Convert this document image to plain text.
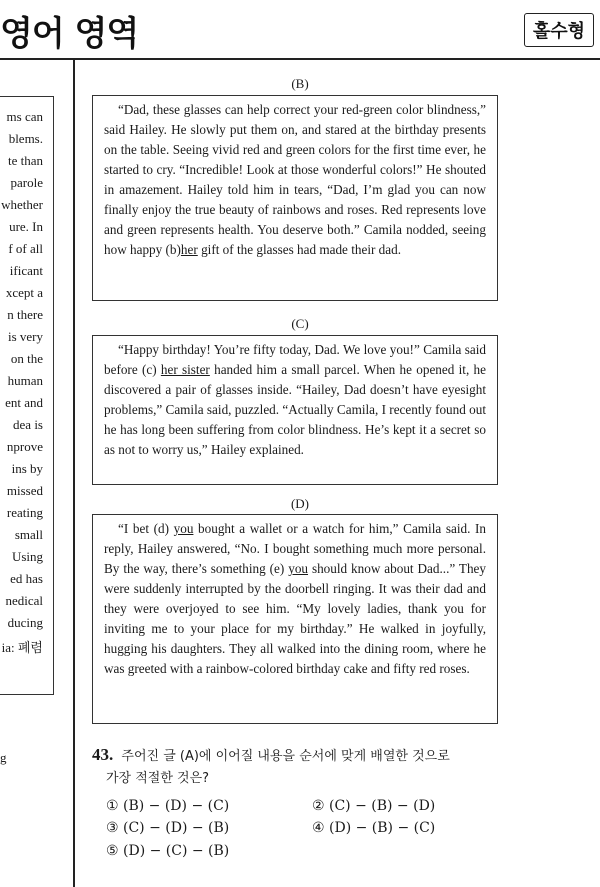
영어 영역	홀수형
ms can
blems.
te than
parole
whether
ure. In
f of all
ificant
xcept a
n there
is very
on the
human
ent and
dea is
nprove
ins by
missed
reating
small
Using
ed has
nedical
ducing
ia: 폐렴
g
(B)

“Dad, these glasses can help correct your red-green color blindness,” said Hailey. He slowly put them on, and stared at the birthday presents on the table. Seeing vivid red and green colors for the first time ever, he started to cry. “Incredible! Look at those wonderful colors!” He shouted in amazement. Hailey told him in tears, “Dad, I’m glad you can now finally enjoy the true beauty of rainbows and roses. Red represents love and green represents health. You deserve both.” Camila nodded, seeing how happy (b)her gift of the glasses had made their dad.

(C)

“Happy birthday! You’re fifty today, Dad. We love you!” Camila said before (c) her sister handed him a small parcel. When he opened it, he discovered a pair of glasses inside. “Hailey, Dad doesn’t have eyesight problems,” Camila said, puzzled. “Actually Camila, I recently found out he has long been suffering from color blindness. He’s kept it a secret so as not to worry us,” Hailey explained.

(D)

“I bet (d) you bought a wallet or a watch for him,” Camila said. In reply, Hailey answered, “No. I bought something much more personal. By the way, there’s something (e) you should know about Dad...” They were suddenly interrupted by the doorbell ringing. It was their dad and they were overjoyed to see him. “My lovely ladies, thank you for inviting me to your place for my birthday.” He walked in joyfully, hugging his daughters. They all walked into the dining room, where he was greeted with a rainbow-colored birthday cake and fifty red roses.

43. 주어진 글 (A)에 이어질 내용을 순서에 맞게 배열한 것으로
가장 적절한 것은?
① (B) − (D) − (C)	② (C) − (B) − (D)
③ (C) − (D) − (B)	④ (D) − (B) − (C)
⑤ (D) − (C) − (B)
